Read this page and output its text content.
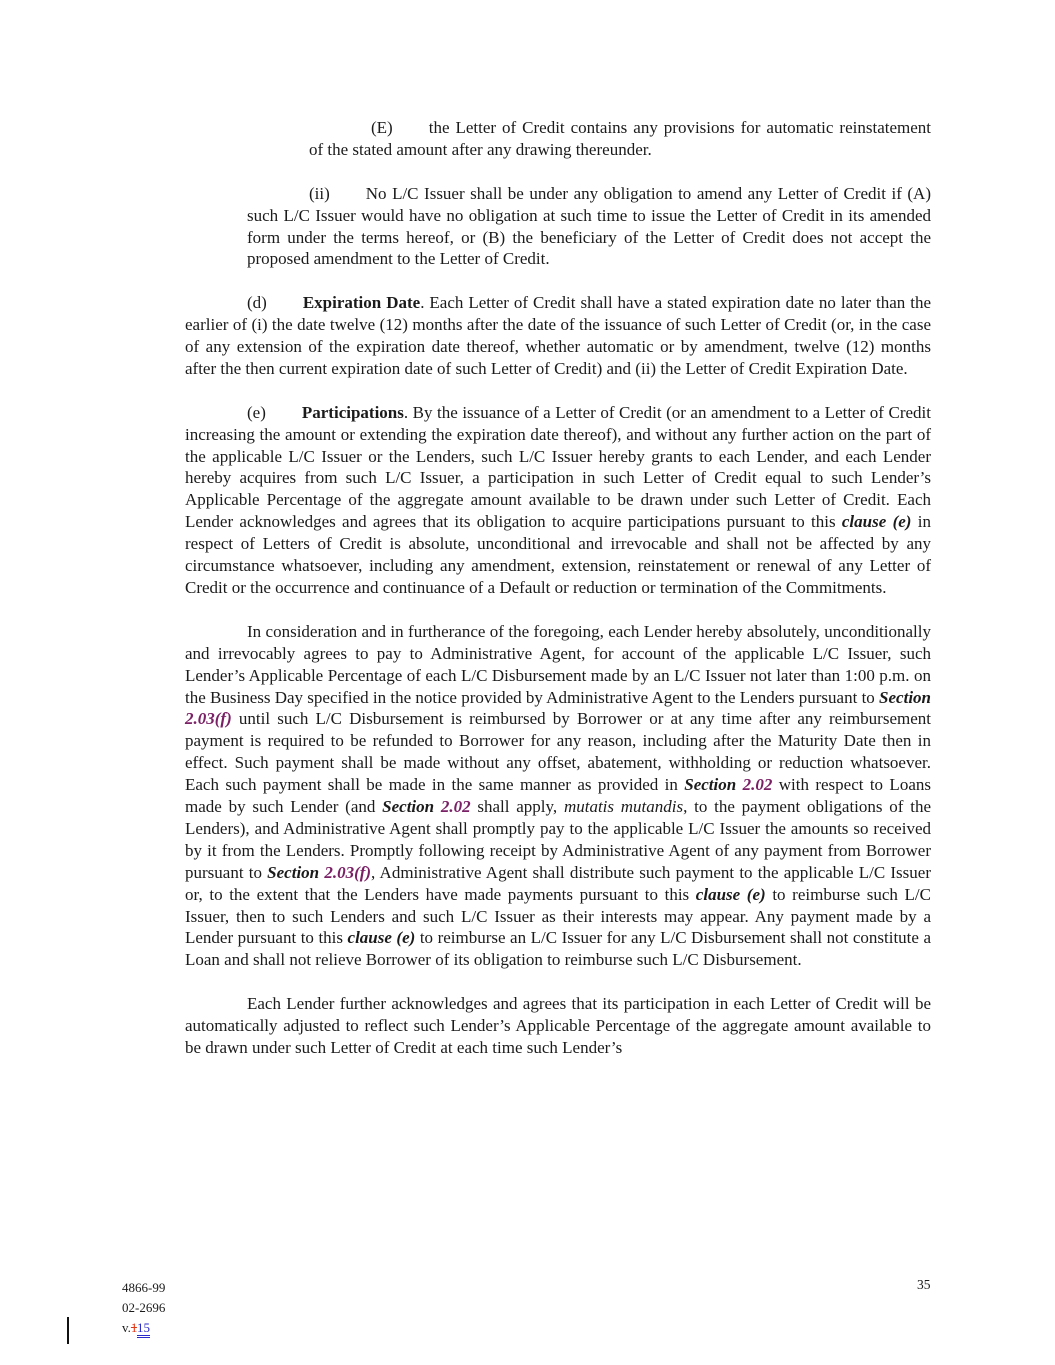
(E) the Letter of Credit contains any provisions for automatic reinstatement of the stated amount after any drawing thereunder.

(ii) No L/C Issuer shall be under any obligation to amend any Letter of Credit if (A) such L/C Issuer would have no obligation at such time to issue the Letter of Credit in its amended form under the terms hereof, or (B) the beneficiary of the Letter of Credit does not accept the proposed amendment to the Letter of Credit.

(d) Expiration Date. Each Letter of Credit shall have a stated expiration date no later than the earlier of (i) the date twelve (12) months after the date of the issuance of such Letter of Credit (or, in the case of any extension of the expiration date thereof, whether automatic or by amendment, twelve (12) months after the then current expiration date of such Letter of Credit) and (ii) the Letter of Credit Expiration Date.

(e) Participations. By the issuance of a Letter of Credit (or an amendment to a Letter of Credit increasing the amount or extending the expiration date thereof), and without any further action on the part of the applicable L/C Issuer or the Lenders, such L/C Issuer hereby grants to each Lender, and each Lender hereby acquires from such L/C Issuer, a participation in such Letter of Credit equal to such Lender’s Applicable Percentage of the aggregate amount available to be drawn under such Letter of Credit. Each Lender acknowledges and agrees that its obligation to acquire participations pursuant to this clause (e) in respect of Letters of Credit is absolute, unconditional and irrevocable and shall not be affected by any circumstance whatsoever, including any amendment, extension, reinstatement or renewal of any Letter of Credit or the occurrence and continuance of a Default or reduction or termination of the Commitments.

In consideration and in furtherance of the foregoing, each Lender hereby absolutely, unconditionally and irrevocably agrees to pay to Administrative Agent, for account of the applicable L/C Issuer, such Lender’s Applicable Percentage of each L/C Disbursement made by an L/C Issuer not later than 1:00 p.m. on the Business Day specified in the notice provided by Administrative Agent to the Lenders pursuant to Section 2.03(f) until such L/C Disbursement is reimbursed by Borrower or at any time after any reimbursement payment is required to be refunded to Borrower for any reason, including after the Maturity Date then in effect. Such payment shall be made without any offset, abatement, withholding or reduction whatsoever. Each such payment shall be made in the same manner as provided in Section 2.02 with respect to Loans made by such Lender (and Section 2.02 shall apply, mutatis mutandis, to the payment obligations of the Lenders), and Administrative Agent shall promptly pay to the applicable L/C Issuer the amounts so received by it from the Lenders. Promptly following receipt by Administrative Agent of any payment from Borrower pursuant to Section 2.03(f), Administrative Agent shall distribute such payment to the applicable L/C Issuer or, to the extent that the Lenders have made payments pursuant to this clause (e) to reimburse such L/C Issuer, then to such Lenders and such L/C Issuer as their interests may appear. Any payment made by a Lender pursuant to this clause (e) to reimburse an L/C Issuer for any L/C Disbursement shall not constitute a Loan and shall not relieve Borrower of its obligation to reimburse such L/C Disbursement.

Each Lender further acknowledges and agrees that its participation in each Letter of Credit will be automatically adjusted to reflect such Lender’s Applicable Percentage of the aggregate amount available to be drawn under such Letter of Credit at each time such Lender’s

4866-99
02-2696
v.115
35
